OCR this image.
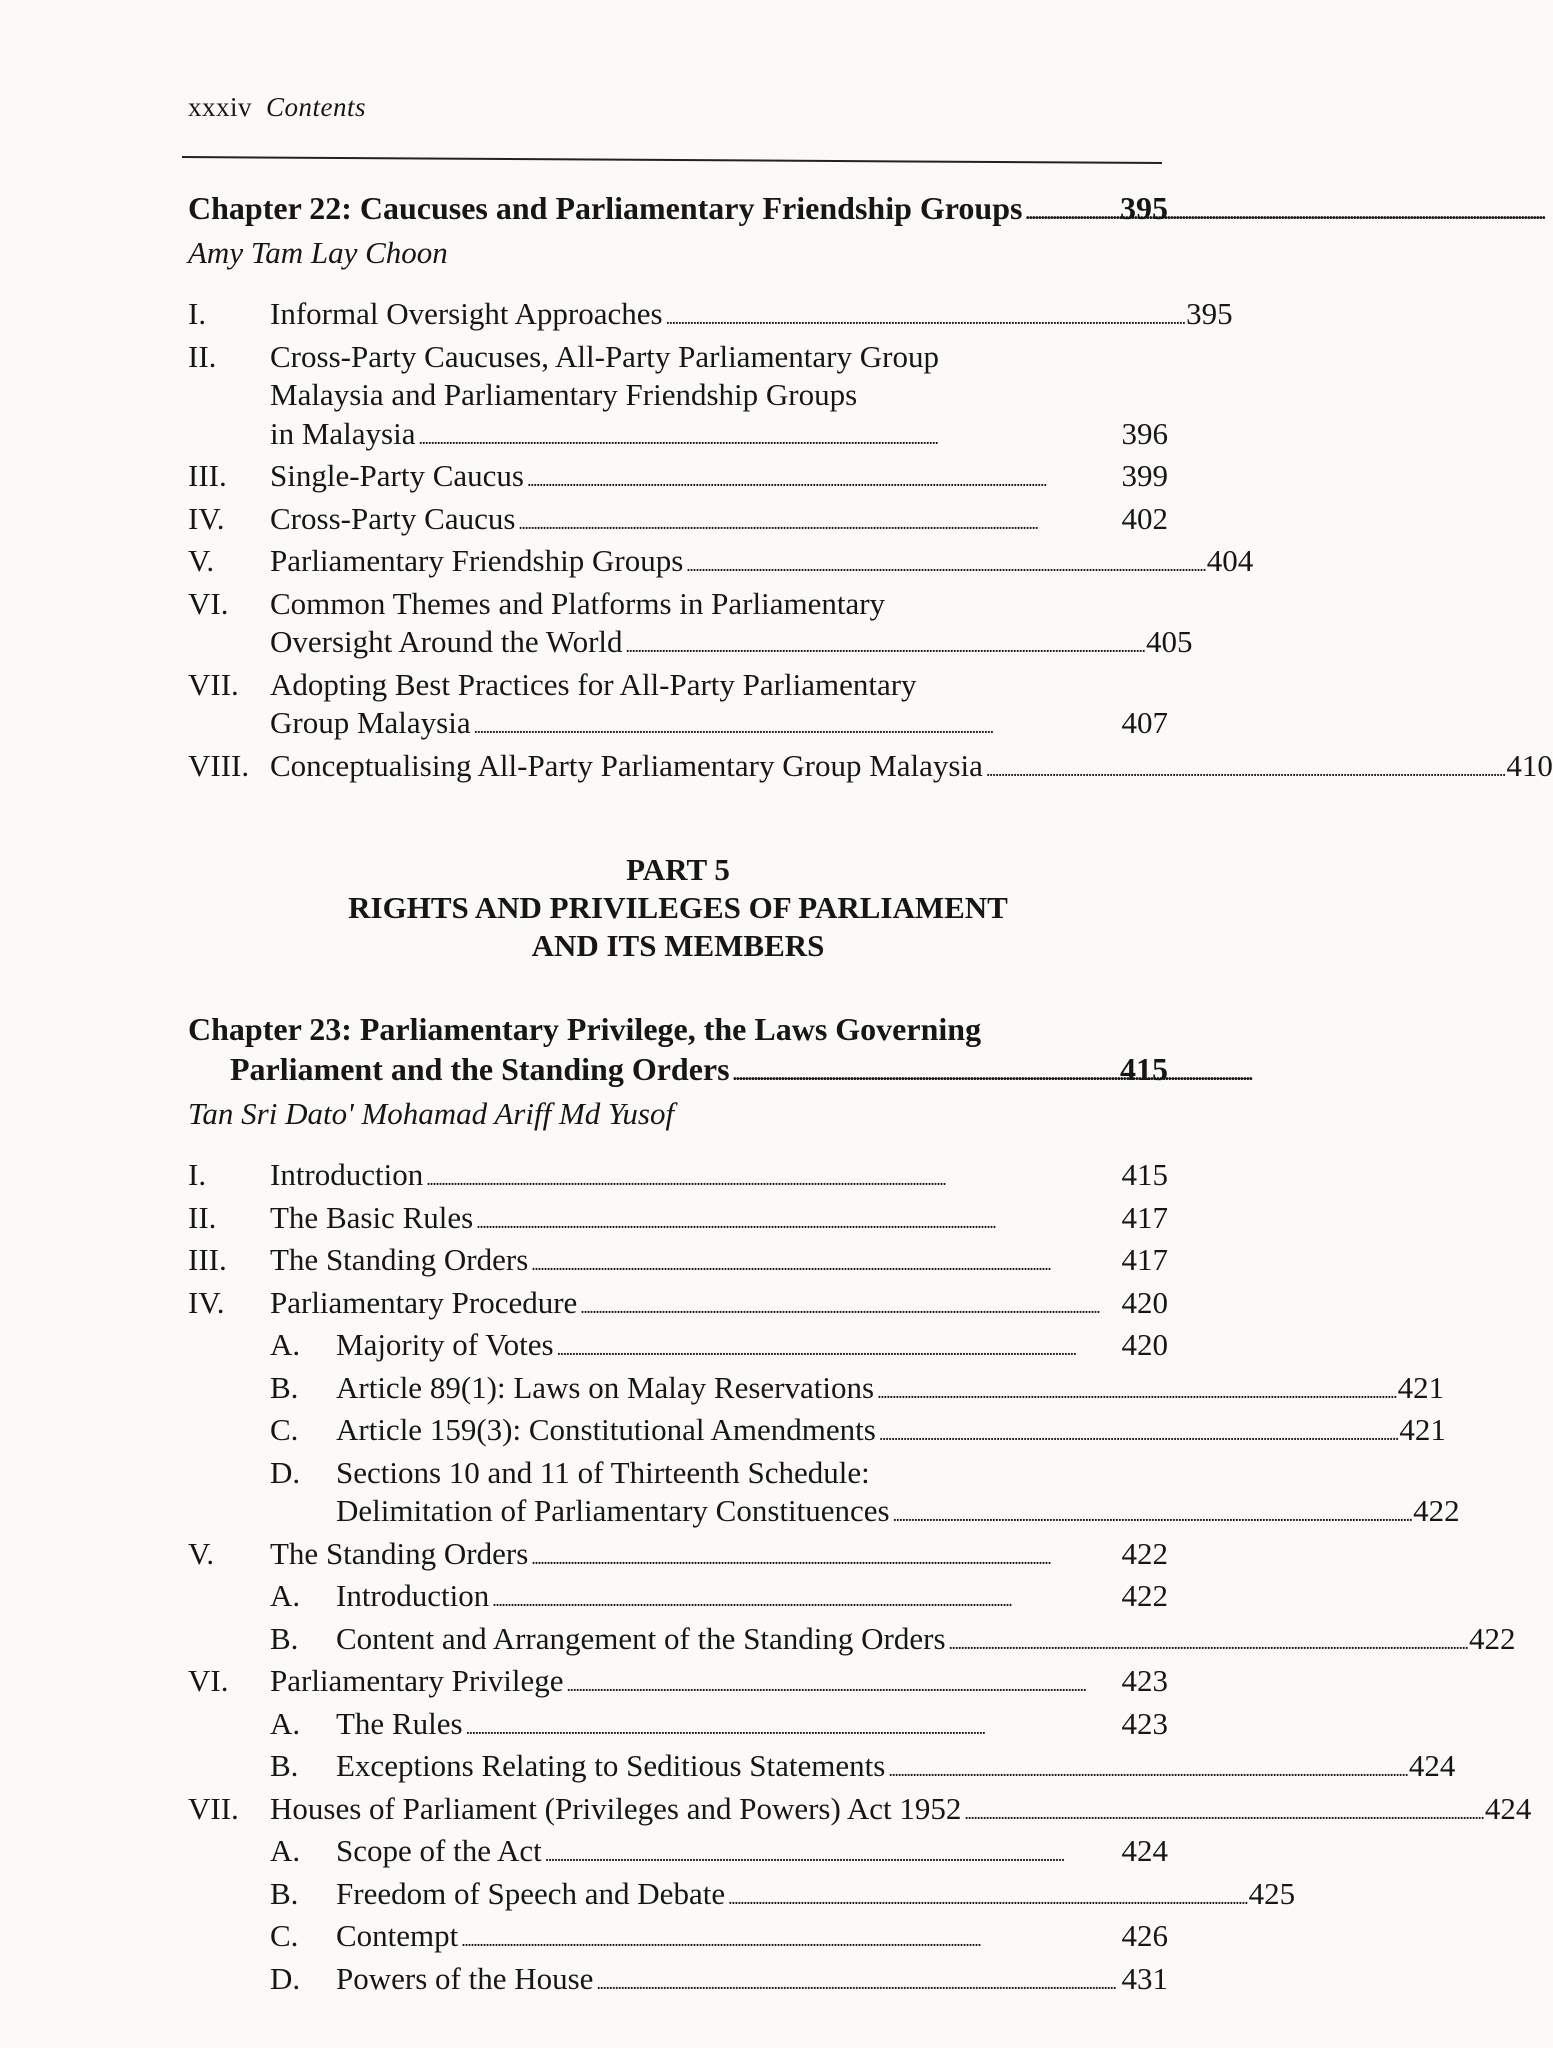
xxxiv Contents
Chapter 22: Caucuses and Parliamentary Friendship Groups . . .	395
Amy Tam Lay Choon
I.	Informal Oversight Approaches . . .	395
II.	Cross-Party Caucuses, All-Party Parliamentary Group
Malaysia and Parliamentary Friendship Groups
in Malaysia . . .	396
III.	Single-Party Caucus . . .	399
IV.	Cross-Party Caucus . . .	402
V.	Parliamentary Friendship Groups . . .	404
VI.	Common Themes and Platforms in Parliamentary
Oversight Around the World . . .	405
VII.	Adopting Best Practices for All-Party Parliamentary
Group Malaysia . . .	407
VIII. Conceptualising All-Party Parliamentary Group Malaysia . . .	410
PART 5
RIGHTS AND PRIVILEGES OF PARLIAMENT
AND ITS MEMBERS
Chapter 23: Parliamentary Privilege, the Laws Governing
Parliament and the Standing Orders . . .	415
Tan Sri Dato' Mohamad Ariff Md Yusof
I.	Introduction . . .	415
II.	The Basic Rules . . .	417
III.	The Standing Orders . . .	417
IV.	Parliamentary Procedure . . .	420
A.	Majority of Votes . . .	420
B.	Article 89(1): Laws on Malay Reservations . . .	421
C.	Article 159(3): Constitutional Amendments . . .	421
D.	Sections 10 and 11 of Thirteenth Schedule:
Delimitation of Parliamentary Constituences . . .	422
V.	The Standing Orders . . .	422
A.	Introduction . . .	422
B.	Content and Arrangement of the Standing Orders . . .	422
VI.	Parliamentary Privilege . . .	423
A.	The Rules . . .	423
B.	Exceptions Relating to Seditious Statements . . .	424
VII.	Houses of Parliament (Privileges and Powers) Act 1952 . . .	424
A.	Scope of the Act . . .	424
B.	Freedom of Speech and Debate . . .	425
C.	Contempt . . .	426
D.	Powers of the House . . .	431
